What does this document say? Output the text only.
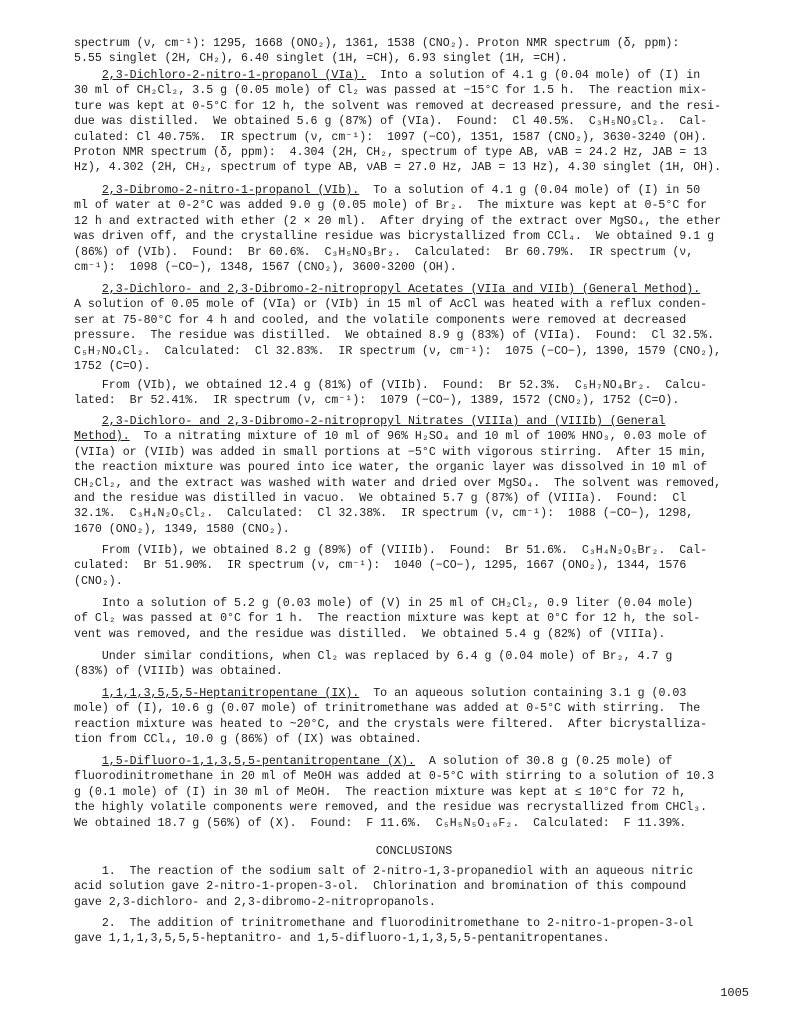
spectrum (ν, cm⁻¹): 1295, 1668 (ONO₂), 1361, 1538 (CNO₂). Proton NMR spectrum (δ, ppm):
5.55 singlet (2H, CH₂), 6.40 singlet (1H, =CH), 6.93 singlet (1H, =CH).
2,3-Dichloro-2-nitro-1-propanol (VIa).  Into a solution of 4.1 g (0.04 mole) of (I) in
30 ml of CH₂Cl₂, 3.5 g (0.05 mole) of Cl₂ was passed at −15°C for 1.5 h.  The reaction mix-
ture was kept at 0-5°C for 12 h, the solvent was removed at decreased pressure, and the resi-
due was distilled.  We obtained 5.6 g (87%) of (VIa).  Found:  Cl 40.5%.  C₃H₅NO₃Cl₂.  Cal-
culated: Cl 40.75%.  IR spectrum (ν, cm⁻¹):  1097 (−CO), 1351, 1587 (CNO₂), 3630-3240 (OH).
Proton NMR spectrum (δ, ppm):  4.304 (2H, CH₂, spectrum of type AB, νAB = 24.2 Hz, JAB = 13
Hz), 4.302 (2H, CH₂, spectrum of type AB, νAB = 27.0 Hz, JAB = 13 Hz), 4.30 singlet (1H, OH).
2,3-Dibromo-2-nitro-1-propanol (VIb).  To a solution of 4.1 g (0.04 mole) of (I) in 50
ml of water at 0-2°C was added 9.0 g (0.05 mole) of Br₂.  The mixture was kept at 0-5°C for
12 h and extracted with ether (2 × 20 ml).  After drying of the extract over MgSO₄, the ether
was driven off, and the crystalline residue was bicrystallized from CCl₄.  We obtained 9.1 g
(86%) of (VIb).  Found:  Br 60.6%.  C₃H₅NO₃Br₂.  Calculated:  Br 60.79%.  IR spectrum (ν,
cm⁻¹):  1098 (−CO−), 1348, 1567 (CNO₂), 3600-3200 (OH).
2,3-Dichloro- and 2,3-Dibromo-2-nitropropyl Acetates (VIIa and VIIb) (General Method).
A solution of 0.05 mole of (VIa) or (VIb) in 15 ml of AcCl was heated with a reflux conden-
ser at 75-80°C for 4 h and cooled, and the volatile components were removed at decreased
pressure.  The residue was distilled.  We obtained 8.9 g (83%) of (VIIa).  Found:  Cl 32.5%.
C₅H₇NO₄Cl₂.  Calculated:  Cl 32.83%.  IR spectrum (ν, cm⁻¹):  1075 (−CO−), 1390, 1579 (CNO₂),
1752 (C=O).
From (VIb), we obtained 12.4 g (81%) of (VIIb).  Found:  Br 52.3%.  C₅H₇NO₄Br₂.  Calcu-
lated:  Br 52.41%.  IR spectrum (ν, cm⁻¹):  1079 (−CO−), 1389, 1572 (CNO₂), 1752 (C=O).
2,3-Dichloro- and 2,3-Dibromo-2-nitropropyl Nitrates (VIIIa) and (VIIIb) (General
Method).  To a nitrating mixture of 10 ml of 96% H₂SO₄ and 10 ml of 100% HNO₃, 0.03 mole of
(VIIa) or (VIIb) was added in small portions at −5°C with vigorous stirring.  After 15 min,
the reaction mixture was poured into ice water, the organic layer was dissolved in 10 ml of
CH₂Cl₂, and the extract was washed with water and dried over MgSO₄.  The solvent was removed,
and the residue was distilled in vacuo.  We obtained 5.7 g (87%) of (VIIIa).  Found:  Cl
32.1%.  C₃H₄N₂O₅Cl₂.  Calculated:  Cl 32.38%.  IR spectrum (ν, cm⁻¹):  1088 (−CO−), 1298,
1670 (ONO₂), 1349, 1580 (CNO₂).
From (VIIb), we obtained 8.2 g (89%) of (VIIIb).  Found:  Br 51.6%.  C₃H₄N₂O₅Br₂.  Cal-
culated:  Br 51.90%.  IR spectrum (ν, cm⁻¹):  1040 (−CO−), 1295, 1667 (ONO₂), 1344, 1576
(CNO₂).
Into a solution of 5.2 g (0.03 mole) of (V) in 25 ml of CH₂Cl₂, 0.9 liter (0.04 mole)
of Cl₂ was passed at 0°C for 1 h.  The reaction mixture was kept at 0°C for 12 h, the sol-
vent was removed, and the residue was distilled.  We obtained 5.4 g (82%) of (VIIIa).
Under similar conditions, when Cl₂ was replaced by 6.4 g (0.04 mole) of Br₂, 4.7 g
(83%) of (VIIIb) was obtained.
1,1,1,3,5,5,5-Heptanitropentane (IX).  To an aqueous solution containing 3.1 g (0.03
mole) of (I), 10.6 g (0.07 mole) of trinitromethane was added at 0-5°C with stirring.  The
reaction mixture was heated to ~20°C, and the crystals were filtered.  After bicrystalliza-
tion from CCl₄, 10.0 g (86%) of (IX) was obtained.
1,5-Difluoro-1,1,3,5,5-pentanitropentane (X).  A solution of 30.8 g (0.25 mole) of
fluorodinitromethane in 20 ml of MeOH was added at 0-5°C with stirring to a solution of 10.3
g (0.1 mole) of (I) in 30 ml of MeOH.  The reaction mixture was kept at ≤ 10°C for 72 h,
the highly volatile components were removed, and the residue was recrystallized from CHCl₃.
We obtained 18.7 g (56%) of (X).  Found:  F 11.6%.  C₅H₅N₅O₁₀F₂.  Calculated:  F 11.39%.
CONCLUSIONS
1.  The reaction of the sodium salt of 2-nitro-1,3-propanediol with an aqueous nitric
acid solution gave 2-nitro-1-propen-3-ol.  Chlorination and bromination of this compound
gave 2,3-dichloro- and 2,3-dibromo-2-nitropropanols.
2.  The addition of trinitromethane and fluorodinitromethane to 2-nitro-1-propen-3-ol
gave 1,1,1,3,5,5,5-heptanitro- and 1,5-difluoro-1,1,3,5,5-pentanitropentanes.
1005
